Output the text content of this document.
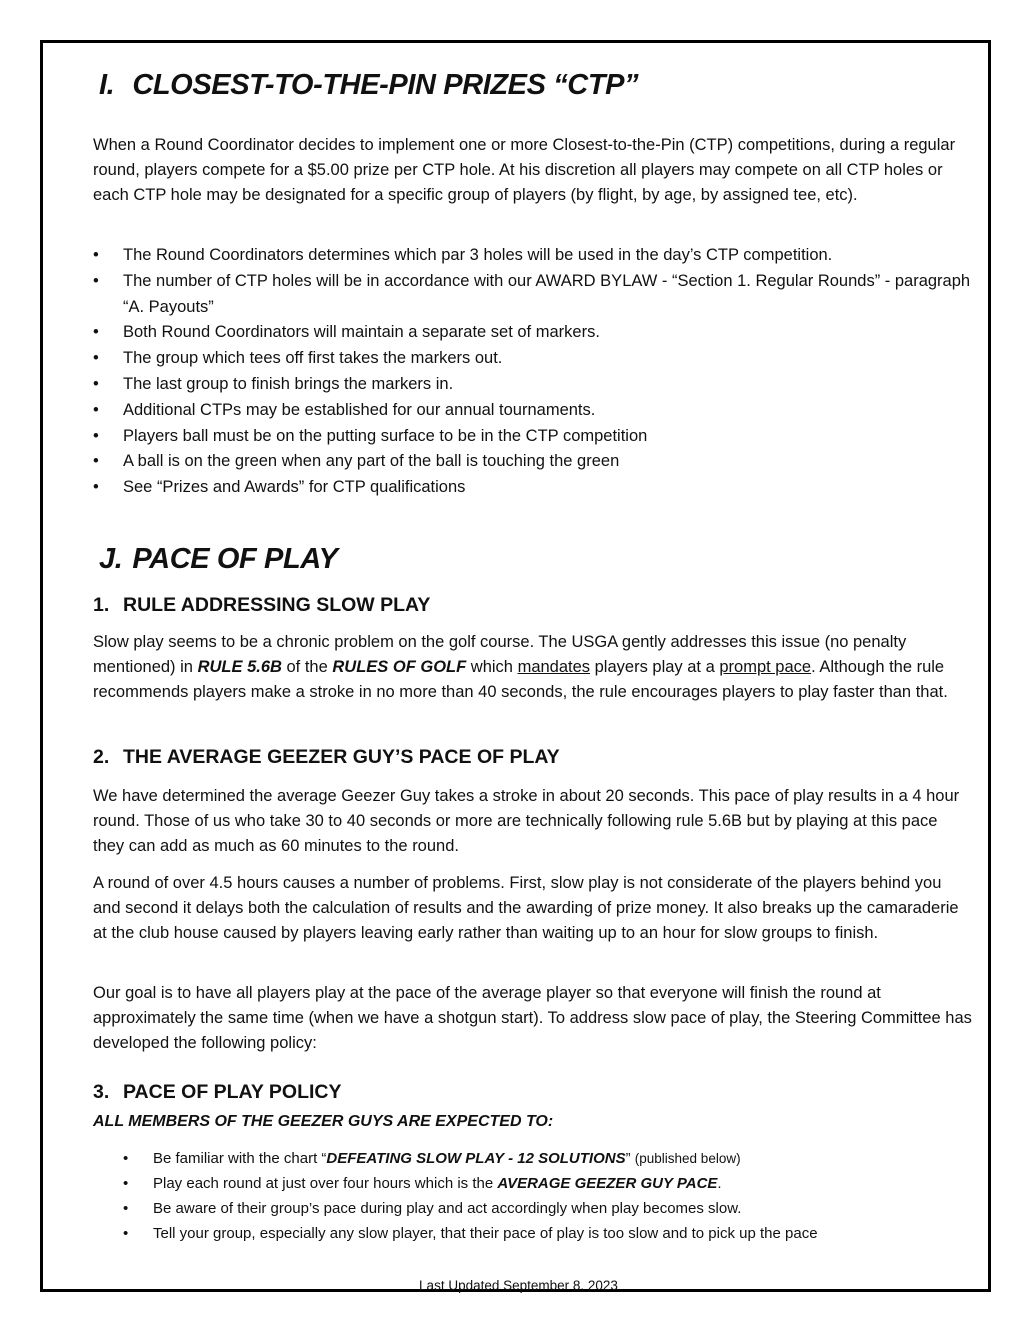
I. CLOSEST-TO-THE-PIN PRIZES “CTP”

When a Round Coordinator decides to implement one or more Closest-to-the-Pin (CTP) competitions, during a regular round, players compete for a $5.00 prize per CTP hole. At his discretion all players may compete on all CTP holes or each CTP hole may be designated for a specific group of players (by flight, by age, by assigned tee, etc).

•	The Round Coordinators determines which par 3 holes will be used in the day’s CTP competition.
•	The number of CTP holes will be in accordance with our AWARD BYLAW - “Section 1. Regular Rounds” - paragraph “A. Payouts”
•	Both Round Coordinators will maintain a separate set of markers.
•	The group which tees off first takes the markers out.
•	The last group to finish brings the markers in.
•	Additional CTPs may be established for our annual tournaments.
•	Players ball must be on the putting surface to be in the CTP competition
•	A ball is on the green when any part of the ball is touching the green
•	See “Prizes and Awards” for CTP qualifications
J. PACE OF PLAY
1. RULE ADDRESSING SLOW PLAY

Slow play seems to be a chronic problem on the golf course. The USGA gently addresses this issue (no penalty mentioned) in RULE 5.6B of the RULES OF GOLF which mandates players play at a prompt pace. Although the rule recommends players make a stroke in no more than 40 seconds, the rule encourages players to play faster than that.

2. THE AVERAGE GEEZER GUY’S PACE OF PLAY

We have determined the average Geezer Guy takes a stroke in about 20 seconds. This pace of play results in a 4 hour round. Those of us who take 30 to 40 seconds or more are technically following rule 5.6B but by playing at this pace they can add as much as 60 minutes to the round.

A round of over 4.5 hours causes a number of problems. First, slow play is not considerate of the players behind you and second it delays both the calculation of results and the awarding of prize money. It also breaks up the camaraderie at the club house caused by players leaving early rather than waiting up to an hour for slow groups to finish.

Our goal is to have all players play at the pace of the average player so that everyone will finish the round at approximately the same time (when we have a shotgun start). To address slow pace of play, the Steering Committee has developed the following policy:

3. PACE OF PLAY POLICY
ALL MEMBERS OF THE GEEZER GUYS ARE EXPECTED TO:
•	Be familiar with the chart “DEFEATING SLOW PLAY - 12 SOLUTIONS” (published below)
•	Play each round at just over four hours which is the AVERAGE GEEZER GUY PACE.
•	Be aware of their group’s pace during play and act accordingly when play becomes slow.
•	Tell your group, especially any slow player, that their pace of play is too slow and to pick up the pace
Last Updated September 8, 2023
